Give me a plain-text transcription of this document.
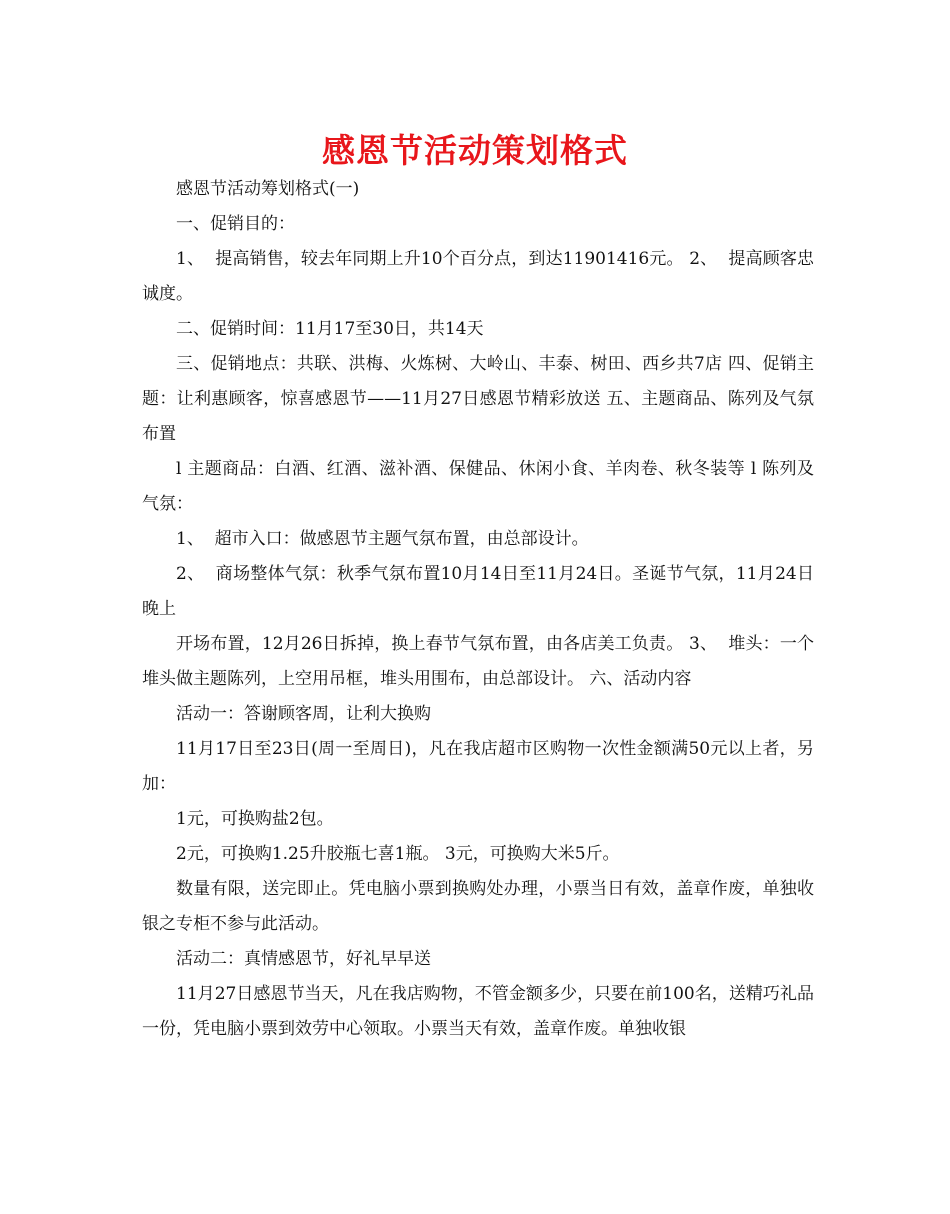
感恩节活动策划格式

感恩节活动筹划格式(一)

一、促销目的：

1、  提高销售，较去年同期上升10个百分点，到达11901416元。 2、  提高顾客忠诚度。

二、促销时间：11月17至30日，共14天

三、促销地点：共联、洪梅、火炼树、大岭山、丰泰、树田、西乡共7店 四、促销主题：让利惠顾客，惊喜感恩节——11月27日感恩节精彩放送 五、主题商品、陈列及气氛布置

l 主题商品：白酒、红酒、滋补酒、保健品、休闲小食、羊肉卷、秋冬装等 l 陈列及气氛：

1、  超市入口：做感恩节主题气氛布置，由总部设计。

2、  商场整体气氛：秋季气氛布置10月14日至11月24日。圣诞节气氛，11月24日晚上

开场布置，12月26日拆掉，换上春节气氛布置，由各店美工负责。 3、  堆头：一个堆头做主题陈列，上空用吊框，堆头用围布，由总部设计。 六、活动内容

活动一：答谢顾客周，让利大换购

11月17日至23日(周一至周日)，凡在我店超市区购物一次性金额满50元以上者，另加：

1元，可换购盐2包。

2元，可换购1.25升胶瓶七喜1瓶。 3元，可换购大米5斤。

数量有限，送完即止。凭电脑小票到换购处办理，小票当日有效，盖章作废，单独收银之专柜不参与此活动。

活动二：真情感恩节，好礼早早送

11月27日感恩节当天，凡在我店购物，不管金额多少，只要在前100名，送精巧礼品一份，凭电脑小票到效劳中心领取。小票当天有效，盖章作废。单独收银
